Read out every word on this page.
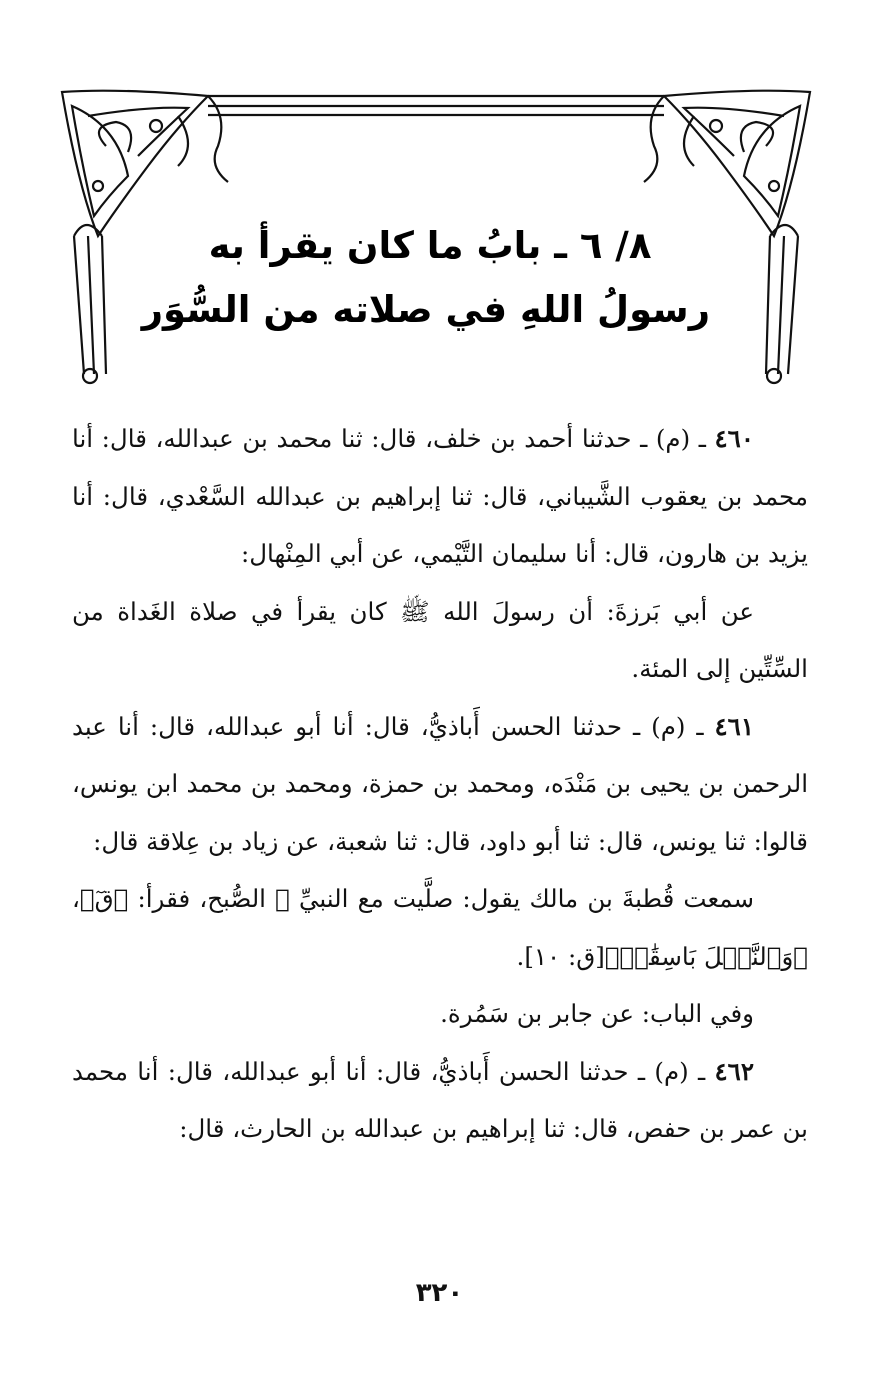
٨/ ٦ ـ بابُ ما كان يقرأ به
رسولُ اللهِ في صلاته من السُّوَر

٤٦٠ ـ (م) ـ حدثنا أحمد بن خلف، قال: ثنا محمد بن عبدالله، قال: أنا محمد بن يعقوب الشَّيباني، قال: ثنا إبراهيم بن عبدالله السَّعْدي، قال: أنا يزيد بن هارون، قال: أنا سليمان التَّيْمي، عن أبي المِنْهال:

عن أبي بَرزةَ: أن رسولَ الله ﷺ كان يقرأ في صلاة الغَداة من السِّتِّين إلى المئة.

٤٦١ ـ (م) ـ حدثنا الحسن أَباذيُّ، قال: أنا أبو عبدالله، قال: أنا عبد الرحمن بن يحيى بن مَنْدَه، ومحمد بن حمزة، ومحمد بن محمد ابن يونس، قالوا: ثنا يونس، قال: ثنا أبو داود، قال: ثنا شعبة، عن زياد بن عِلاقة قال:

سمعت قُطبةَ بن مالك يقول: صلَّيت مع النبيِّ ﷺ الصُّبح، فقرأ: ﴿قٓ﴾، ﴿وَٱلنَّخۡلَ بَاسِقَٰتٖ﴾[ق: ١٠].

وفي الباب: عن جابر بن سَمُرة.

٤٦٢ ـ (م) ـ حدثنا الحسن أَباذيُّ، قال: أنا أبو عبدالله، قال: أنا محمد بن عمر بن حفص، قال: ثنا إبراهيم بن عبدالله بن الحارث، قال:

٣٢٠
